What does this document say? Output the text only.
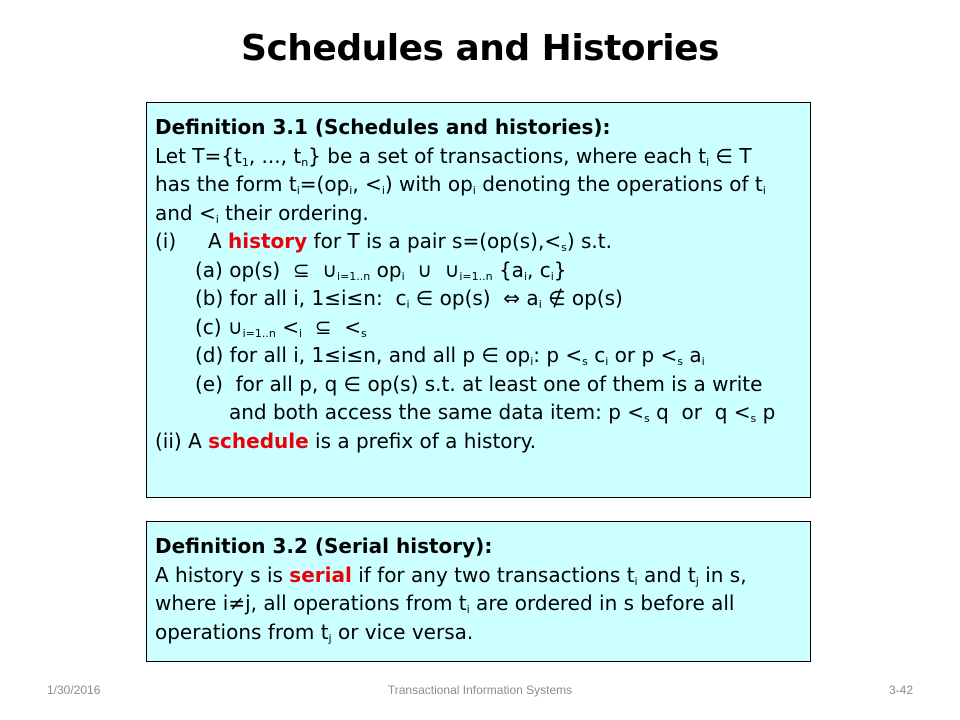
Schedules and Histories
Definition 3.1 (Schedules and histories):
Let $T=\{t_1$, ..., $t_n$} be a set of transactions, where each $t_i$ ∈ T
has the form $t_i=(op_i$, $<_i$) with $op_i$ denoting the operations of $t_i$
and $<_i$ their ordering.
(i)     A history for T is a pair $s=(op(s),<_s)$ s.t.
(a) op(s)  ⊆  $\cup_{i=1..n}$ $op_i$  ∪  $\cup_{i=1..n}$ {$a_i$, $c_i$}
(b) for all i, 1≤i≤n:  $c_i$ ∈ op(s)  ⇔ $a_i$ ∉ op(s)
(c) $\cup_{i=1..n} <_i$  ⊆  $<_s$
(d) for all i, 1≤i≤n, and all p ∈ $op_i$: $p <_s$ $c_i$ or $p <_s$ $a_i$
(e)  for all p, q ∈ op(s) s.t. at least one of them is a write
and both access the same data item: $p <_s$ q  or  $q <_s$ p
(ii) A schedule is a prefix of a history.
Definition 3.2 (Serial history):
A history s is serial if for any two transactions $t_i$ and $t_j$ in s,
where i≠j, all operations from $t_i$ are ordered in s before all
operations from $t_j$ or vice versa.
1/30/2016	Transactional Information Systems	3-42
